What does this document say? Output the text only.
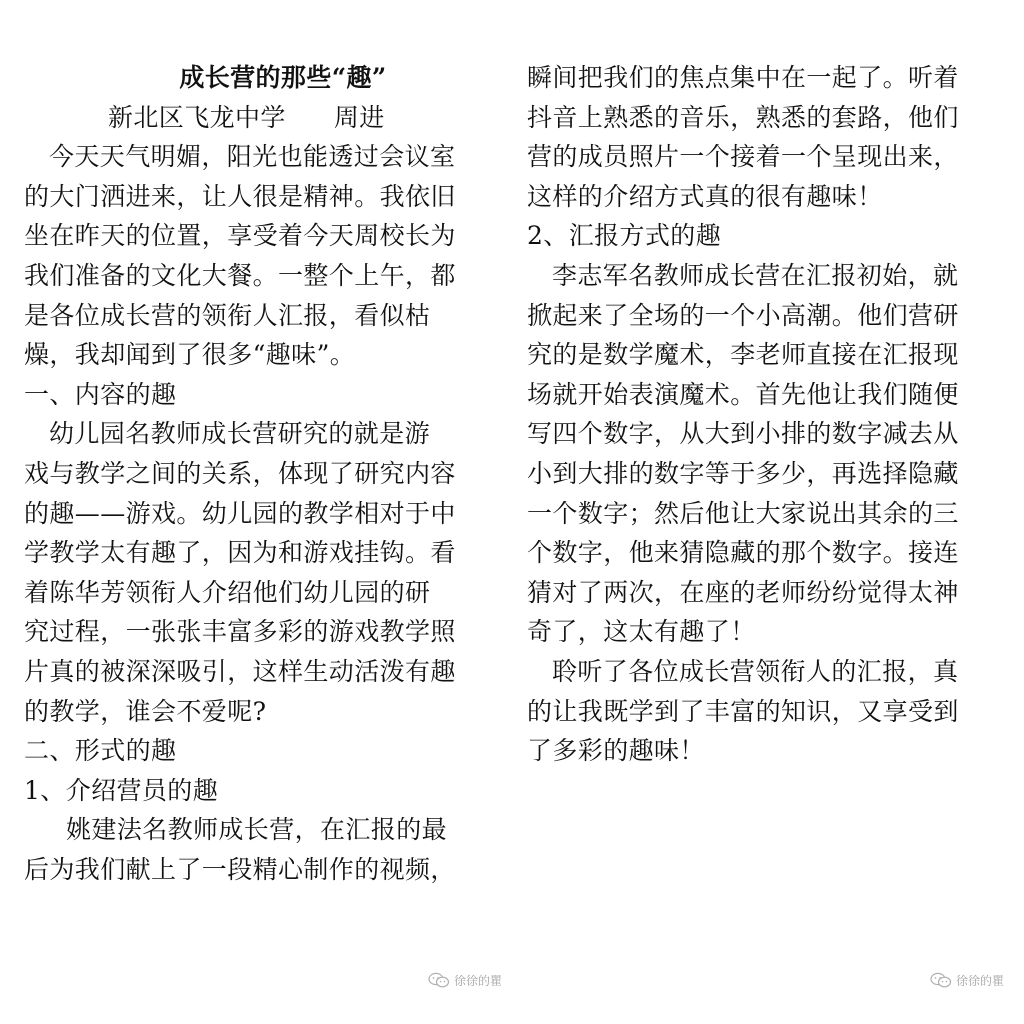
成长营的那些“趣”
新北区飞龙中学 周进
今天天气明媚，阳光也能透过会议室
的大门洒进来，让人很是精神。我依旧
坐在昨天的位置，享受着今天周校长为
我们准备的文化大餐。一整个上午，都
是各位成长营的领衔人汇报，看似枯
燥，我却闻到了很多“趣味”。
一、内容的趣
幼儿园名教师成长营研究的就是游
戏与教学之间的关系，体现了研究内容
的趣——游戏。幼儿园的教学相对于中
学教学太有趣了，因为和游戏挂钩。看
着陈华芳领衔人介绍他们幼儿园的研
究过程，一张张丰富多彩的游戏教学照
片真的被深深吸引，这样生动活泼有趣
的教学，谁会不爱呢?
二、形式的趣
1、介绍营员的趣
姚建法名教师成长营，在汇报的最
后为我们献上了一段精心制作的视频，
瞬间把我们的焦点集中在一起了。听着
抖音上熟悉的音乐，熟悉的套路，他们
营的成员照片一个接着一个呈现出来，
这样的介绍方式真的很有趣味！
2、汇报方式的趣
李志军名教师成长营在汇报初始，就
掀起来了全场的一个小高潮。他们营研
究的是数学魔术，李老师直接在汇报现
场就开始表演魔术。首先他让我们随便
写四个数字，从大到小排的数字减去从
小到大排的数字等于多少，再选择隐藏
一个数字；然后他让大家说出其余的三
个数字，他来猜隐藏的那个数字。接连
猜对了两次，在座的老师纷纷觉得太神
奇了，这太有趣了！
聆听了各位成长营领衔人的汇报，真
的让我既学到了丰富的知识，又享受到
了多彩的趣味！
徐徐的瞿	徐徐的瞿
